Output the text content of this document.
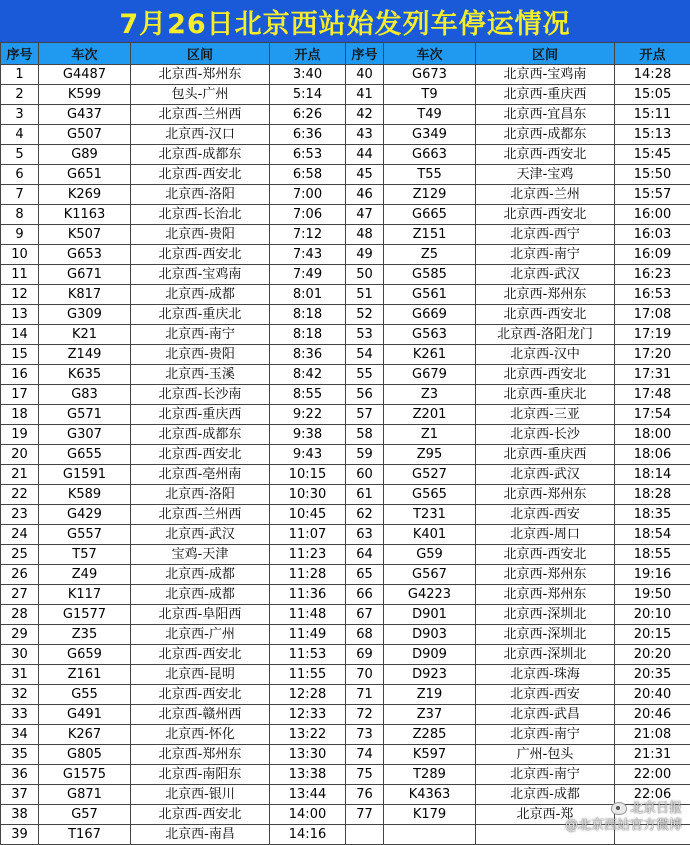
7月26日北京西站始发列车停运情况
序号	车次	区间	开点	序号	车次	区间	开点
1	G4487	北京西-郑州东	3:40	40	G673	北京西-宝鸡南	14:28
2	K599	包头-广州	5:14	41	T9	北京西-重庆西	15:05
3	G437	北京西-兰州西	6:26	42	T49	北京西-宜昌东	15:11
4	G507	北京西-汉口	6:36	43	G349	北京西-成都东	15:13
5	G89	北京西-成都东	6:53	44	G663	北京西-西安北	15:45
6	G651	北京西-西安北	6:58	45	T55	天津-宝鸡	15:50
7	K269	北京西-洛阳	7:00	46	Z129	北京西-兰州	15:57
8	K1163	北京西-长治北	7:06	47	G665	北京西-西安北	16:00
9	K507	北京西-贵阳	7:12	48	Z151	北京西-西宁	16:03
10	G653	北京西-西安北	7:43	49	Z5	北京西-南宁	16:09
11	G671	北京西-宝鸡南	7:49	50	G585	北京西-武汉	16:23
12	K817	北京西-成都	8:01	51	G561	北京西-郑州东	16:53
13	G309	北京西-重庆北	8:18	52	G669	北京西-西安北	17:08
14	K21	北京西-南宁	8:18	53	G563	北京西-洛阳龙门	17:19
15	Z149	北京西-贵阳	8:36	54	K261	北京西-汉中	17:20
16	K635	北京西-玉溪	8:42	55	G679	北京西-西安北	17:31
17	G83	北京西-长沙南	8:55	56	Z3	北京西-重庆北	17:48
18	G571	北京西-重庆西	9:22	57	Z201	北京西-三亚	17:54
19	G307	北京西-成都东	9:38	58	Z1	北京西-长沙	18:00
20	G655	北京西-西安北	9:43	59	Z95	北京西-重庆西	18:06
21	G1591	北京西-亳州南	10:15	60	G527	北京西-武汉	18:14
22	K589	北京西-洛阳	10:30	61	G565	北京西-郑州东	18:28
23	G429	北京西-兰州西	10:45	62	T231	北京西-西安	18:35
24	G557	北京西-武汉	11:07	63	K401	北京西-周口	18:54
25	T57	宝鸡-天津	11:23	64	G59	北京西-西安北	18:55
26	Z49	北京西-成都	11:28	65	G567	北京西-郑州东	19:16
27	K117	北京西-成都	11:36	66	G4223	北京西-郑州东	19:50
28	G1577	北京西-阜阳西	11:48	67	D901	北京西-深圳北	20:10
29	Z35	北京西-广州	11:49	68	D903	北京西-深圳北	20:15
30	G659	北京西-西安北	11:53	69	D909	北京西-深圳北	20:20
31	Z161	北京西-昆明	11:55	70	D923	北京西-珠海	20:35
32	G55	北京西-西安北	12:28	71	Z19	北京西-西安	20:40
33	G491	北京西-赣州西	12:33	72	Z37	北京西-武昌	20:46
34	K267	北京西-怀化	13:22	73	Z285	北京西-南宁	21:08
35	G805	北京西-郑州东	13:30	74	K597	广州-包头	21:31
36	G1575	北京西-南阳东	13:38	75	T289	北京西-南宁	22:00
37	G871	北京西-银川	13:44	76	K4363	北京西-成都	22:06
38	G57	北京西-西安北	14:00	77	K179	北京西-郑	
39	T167	北京西-南昌	14:16				
北京日报
@北京西站官方微博
